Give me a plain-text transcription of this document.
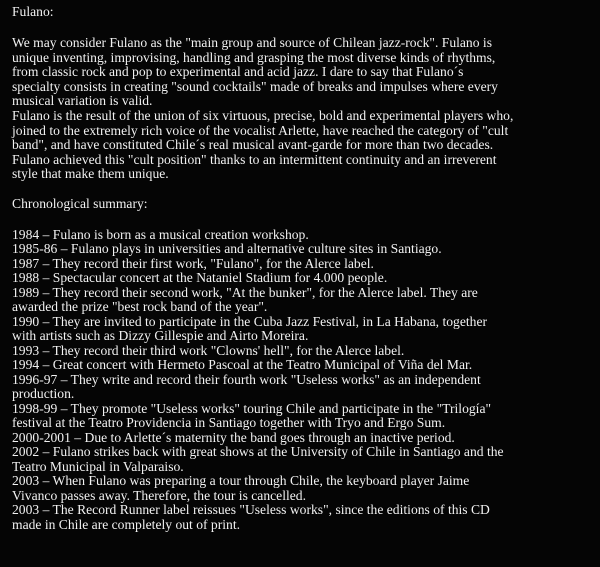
Fulano:

We may consider Fulano as the "main group and source of Chilean jazz-rock". Fulano is
unique inventing, improvising, handling and grasping the most diverse kinds of rhythms,
from classic rock and pop to experimental and acid jazz. I dare to say that Fulano´s
specialty consists in creating "sound cocktails" made of breaks and impulses where every
musical variation is valid.

Fulano is the result of the union of six virtuous, precise, bold and experimental players who,
joined to the extremely rich voice of the vocalist Arlette, have reached the category of "cult
band", and have constituted Chile´s real musical avant-garde for more than two decades.
Fulano achieved this "cult position" thanks to an intermittent continuity and an irreverent
style that make them unique.

Chronological summary:
1984 – Fulano is born as a musical creation workshop.
1985-86 – Fulano plays in universities and alternative culture sites in Santiago.
1987 – They record their first work, "Fulano", for the Alerce label.
1988 – Spectacular concert at the Nataniel Stadium for 4.000 people.
1989 – They record their second work, "At the bunker", for the Alerce label. They are
awarded the prize "best rock band of the year".
1990 – They are invited to participate in the Cuba Jazz Festival, in La Habana, together
with artists such as Dizzy Gillespie and Airto Moreira.
1993 – They record their third work "Clowns' hell", for the Alerce label.
1994 – Great concert with Hermeto Pascoal at the Teatro Municipal of Viña del Mar.
1996-97 – They write and record their fourth work "Useless works" as an independent
production.
1998-99 – They promote "Useless works" touring Chile and participate in the "Trilogía"
festival at the Teatro Providencia in Santiago together with Tryo and Ergo Sum.
2000-2001 – Due to Arlette´s maternity the band goes through an inactive period.
2002 – Fulano strikes back with great shows at the University of Chile in Santiago and the
Teatro Municipal in Valparaiso.
2003 – When Fulano was preparing a tour through Chile, the keyboard player Jaime
Vivanco passes away. Therefore, the tour is cancelled.
2003 – The Record Runner label reissues "Useless works", since the editions of this CD
made in Chile are completely out of print.
